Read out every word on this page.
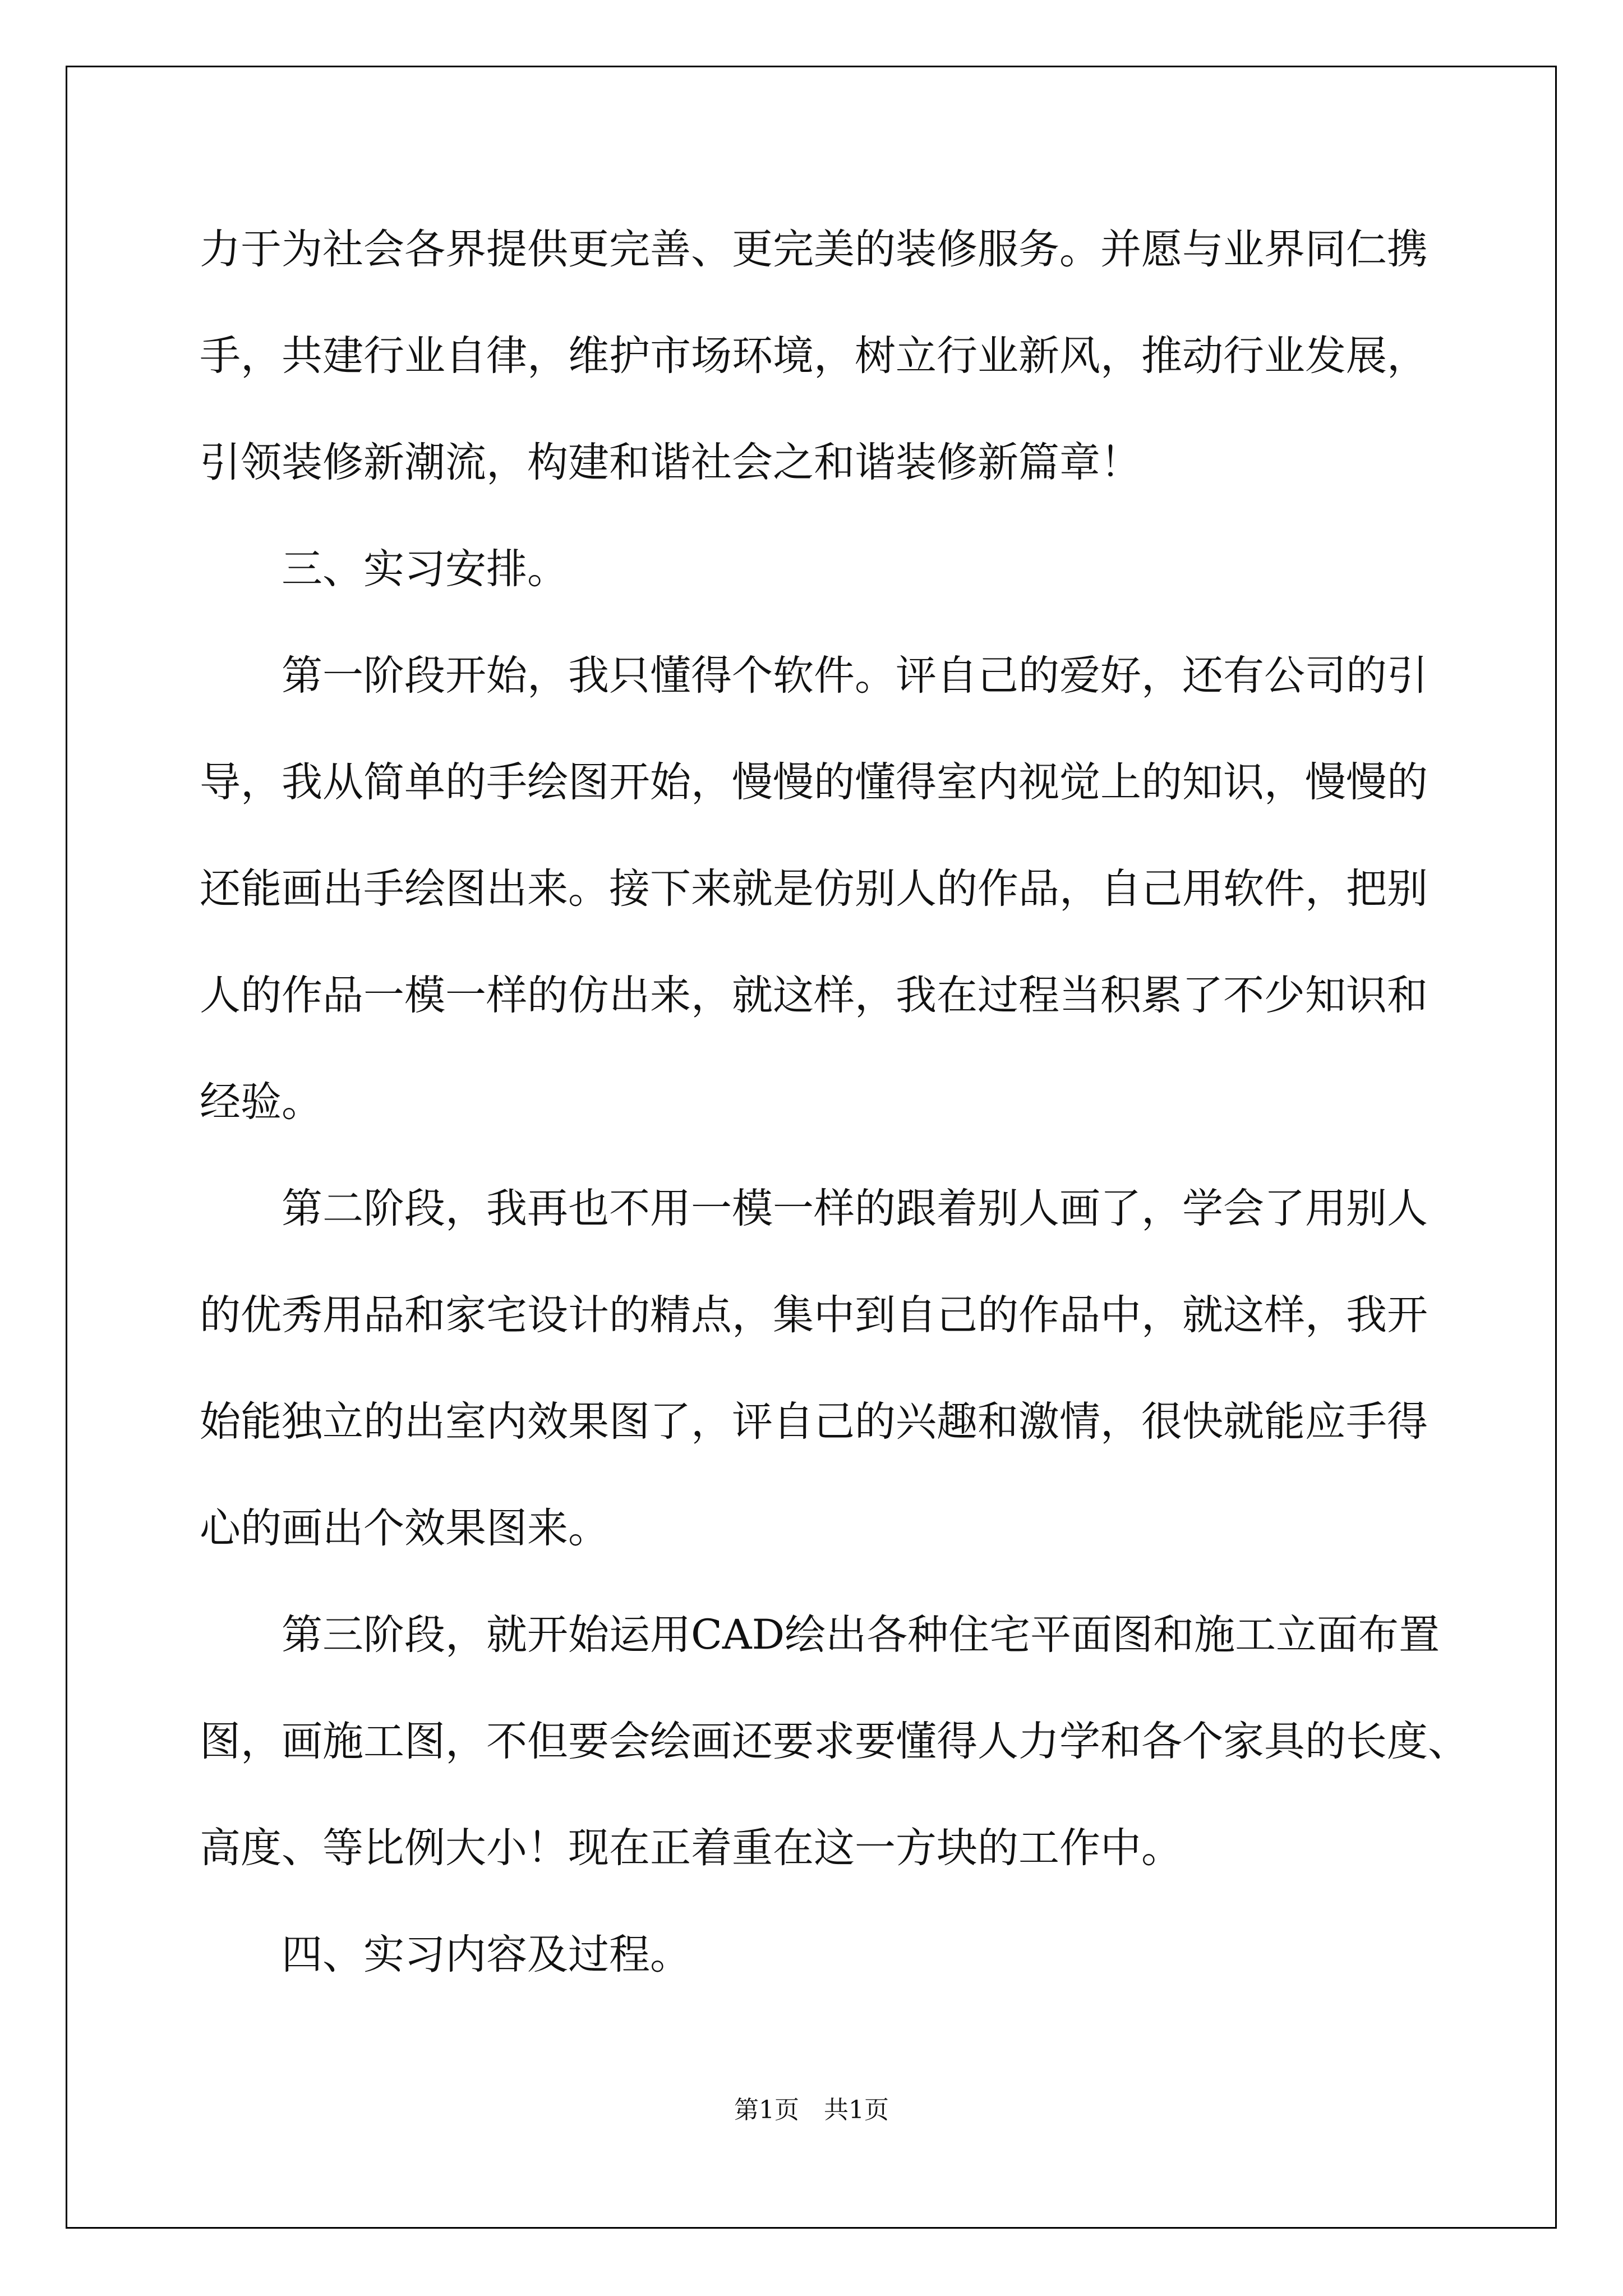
力于为社会各界提供更完善、更完美的装修服务。并愿与业界同仁携

手，共建行业自律，维护市场环境，树立行业新风，推动行业发展，

引领装修新潮流，构建和谐社会之和谐装修新篇章！

　　三、实习安排。

　　第一阶段开始，我只懂得个软件。评自己的爱好，还有公司的引

导，我从简单的手绘图开始，慢慢的懂得室内视觉上的知识，慢慢的

还能画出手绘图出来。接下来就是仿别人的作品，自己用软件，把别

人的作品一模一样的仿出来，就这样，我在过程当积累了不少知识和

经验。

　　第二阶段，我再也不用一模一样的跟着别人画了，学会了用别人

的优秀用品和家宅设计的精点，集中到自己的作品中，就这样，我开

始能独立的出室内效果图了，评自己的兴趣和激情，很快就能应手得

心的画出个效果图来。

　　第三阶段，就开始运用CAD绘出各种住宅平面图和施工立面布置

图，画施工图，不但要会绘画还要求要懂得人力学和各个家具的长度、

高度、等比例大小！现在正着重在这一方块的工作中。

　　四、实习内容及过程。

第1页　共1页
